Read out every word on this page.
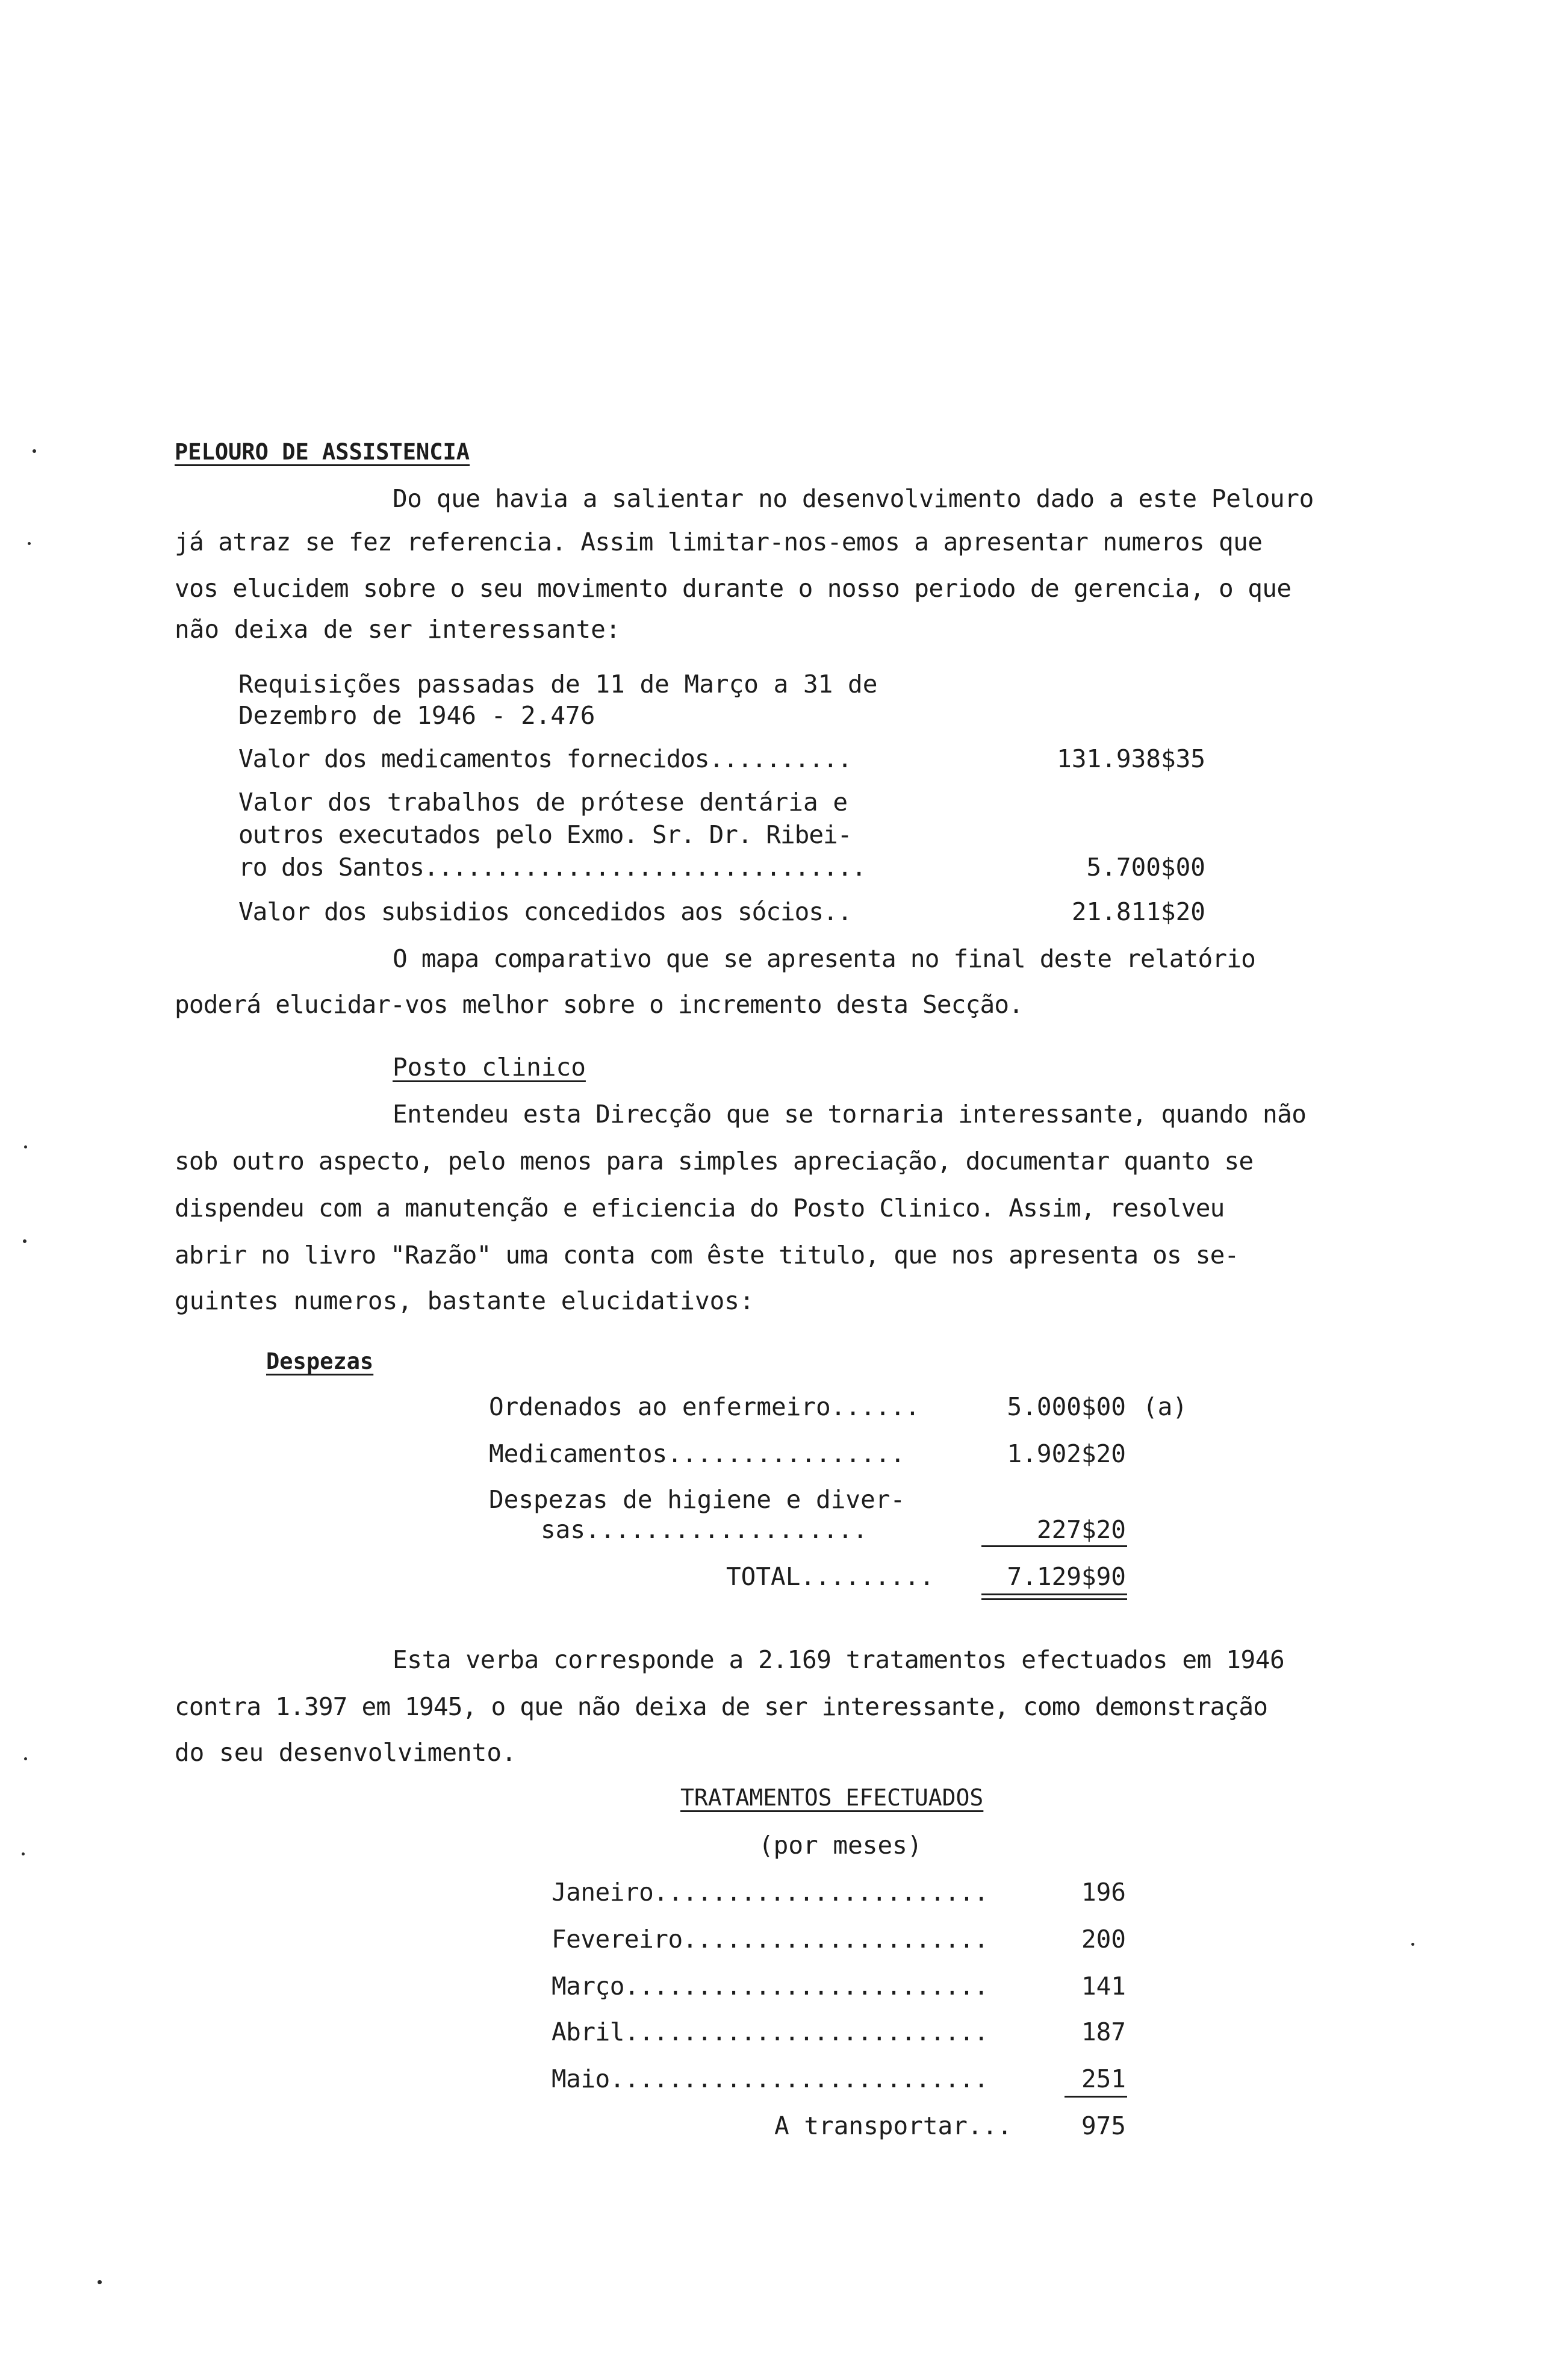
PELOURO DE ASSISTENCIA
Do que havia a salientar no desenvolvimento dado a este Pelouro
já atraz se fez referencia. Assim limitar-nos-emos a apresentar numeros que
vos elucidem sobre o seu movimento durante o nosso periodo de gerencia, o que
não deixa de ser interessante:
Requisições passadas de 11 de Março a 31 de
Dezembro de 1946 - 2.476
Valor dos medicamentos fornecidos..........	131.938$35
Valor dos trabalhos de prótese dentária e
outros executados pelo Exmo. Sr. Dr. Ribei-
ro dos Santos...............................	5.700$00
Valor dos subsidios concedidos aos sócios..	21.811$20
O mapa comparativo que se apresenta no final deste relatório
poderá elucidar-vos melhor sobre o incremento desta Secção.
Posto clinico
Entendeu esta Direcção que se tornaria interessante, quando não
sob outro aspecto, pelo menos para simples apreciação, documentar quanto se
dispendeu com a manutenção e eficiencia do Posto Clinico. Assim, resolveu
abrir no livro "Razão" uma conta com êste titulo, que nos apresenta os se-
guintes numeros, bastante elucidativos:
Despezas
Ordenados ao enfermeiro......	5.000$00 (a)
Medicamentos................	1.902$20
Despezas de higiene e diver-
sas...................	227$20
TOTAL.........	7.129$90
Esta verba corresponde a 2.169 tratamentos efectuados em 1946
contra 1.397 em 1945, o que não deixa de ser interessante, como demonstração
do seu desenvolvimento.
TRATAMENTOS EFECTUADOS
(por meses)
Janeiro.......................	196
Fevereiro.....................	200
Março.........................	141
Abril.........................	187
Maio..........................	251
A transportar...	975
